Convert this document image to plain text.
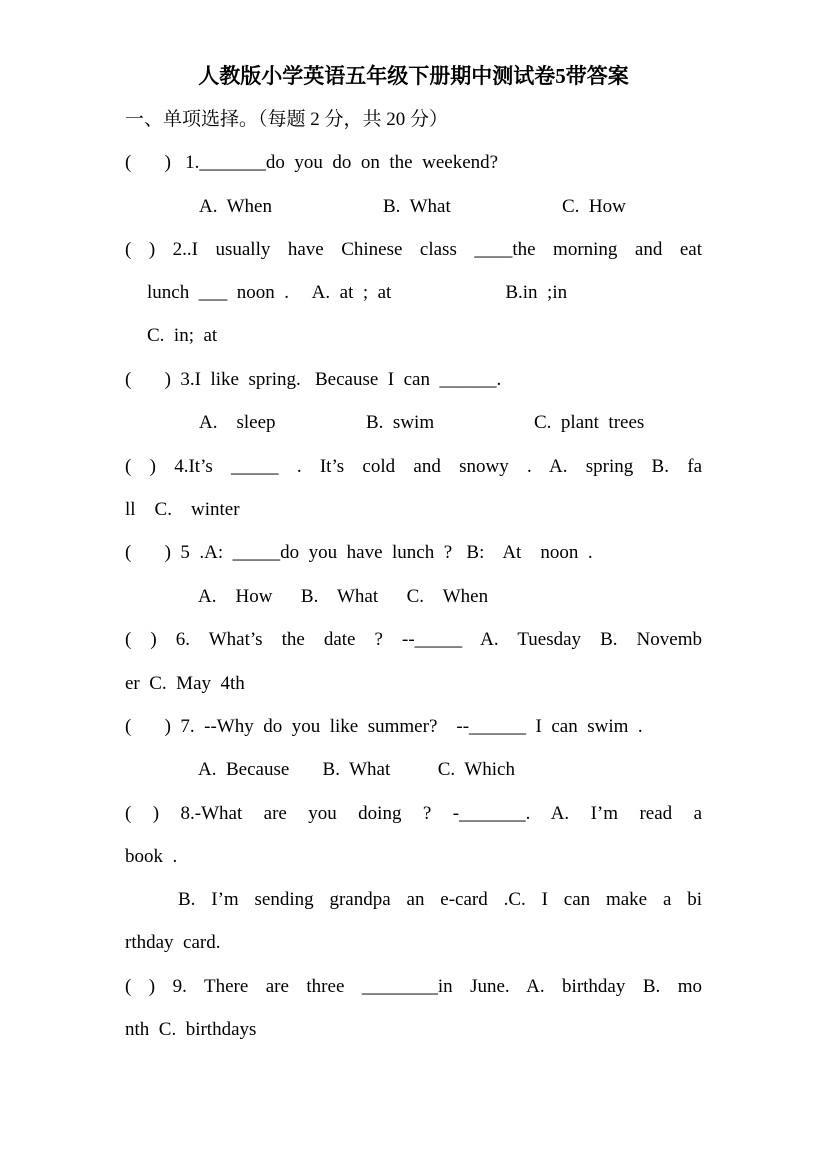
人教版小学英语五年级下册期中测试卷5带答案
一、单项选择。（每题 2 分，共 20 分）
(       )   1._______do  you  do  on  the  weekend?

A.  When

	B.  What

	C.  How

( ) 2..I usually have Chinese class ____the morning and eat
lunch  ___  noon  .     A.  at  ;  at                        B.in  ;in
C.  in;  at
(       )  3.I  like  spring.   Because  I  can  ______.

A.    sleep

	B.  swim

	C.  plant  trees

( ) 4.It’s _____ . It’s cold and snowy . A. spring B. fa
ll    C.    winter
(       )  5  .A:  _____do  you  have  lunch  ?   B:    At    noon  .
A.    How      B.    What      C.    When
( ) 6. What’s the date ? --_____ A. Tuesday B. Novemb
er  C.  May  4th
(       )  7.  --Why  do  you  like  summer?    --______  I  can  swim  .
A.  Because       B.  What          C.  Which
( ) 8.-What are you doing ? -_______. A. I’m read a
book  .
B. I’m sending grandpa an e-card .C. I can make a bi
rthday  card.
( ) 9. There are three ________in June. A. birthday B. mo
nth  C.  birthdays
